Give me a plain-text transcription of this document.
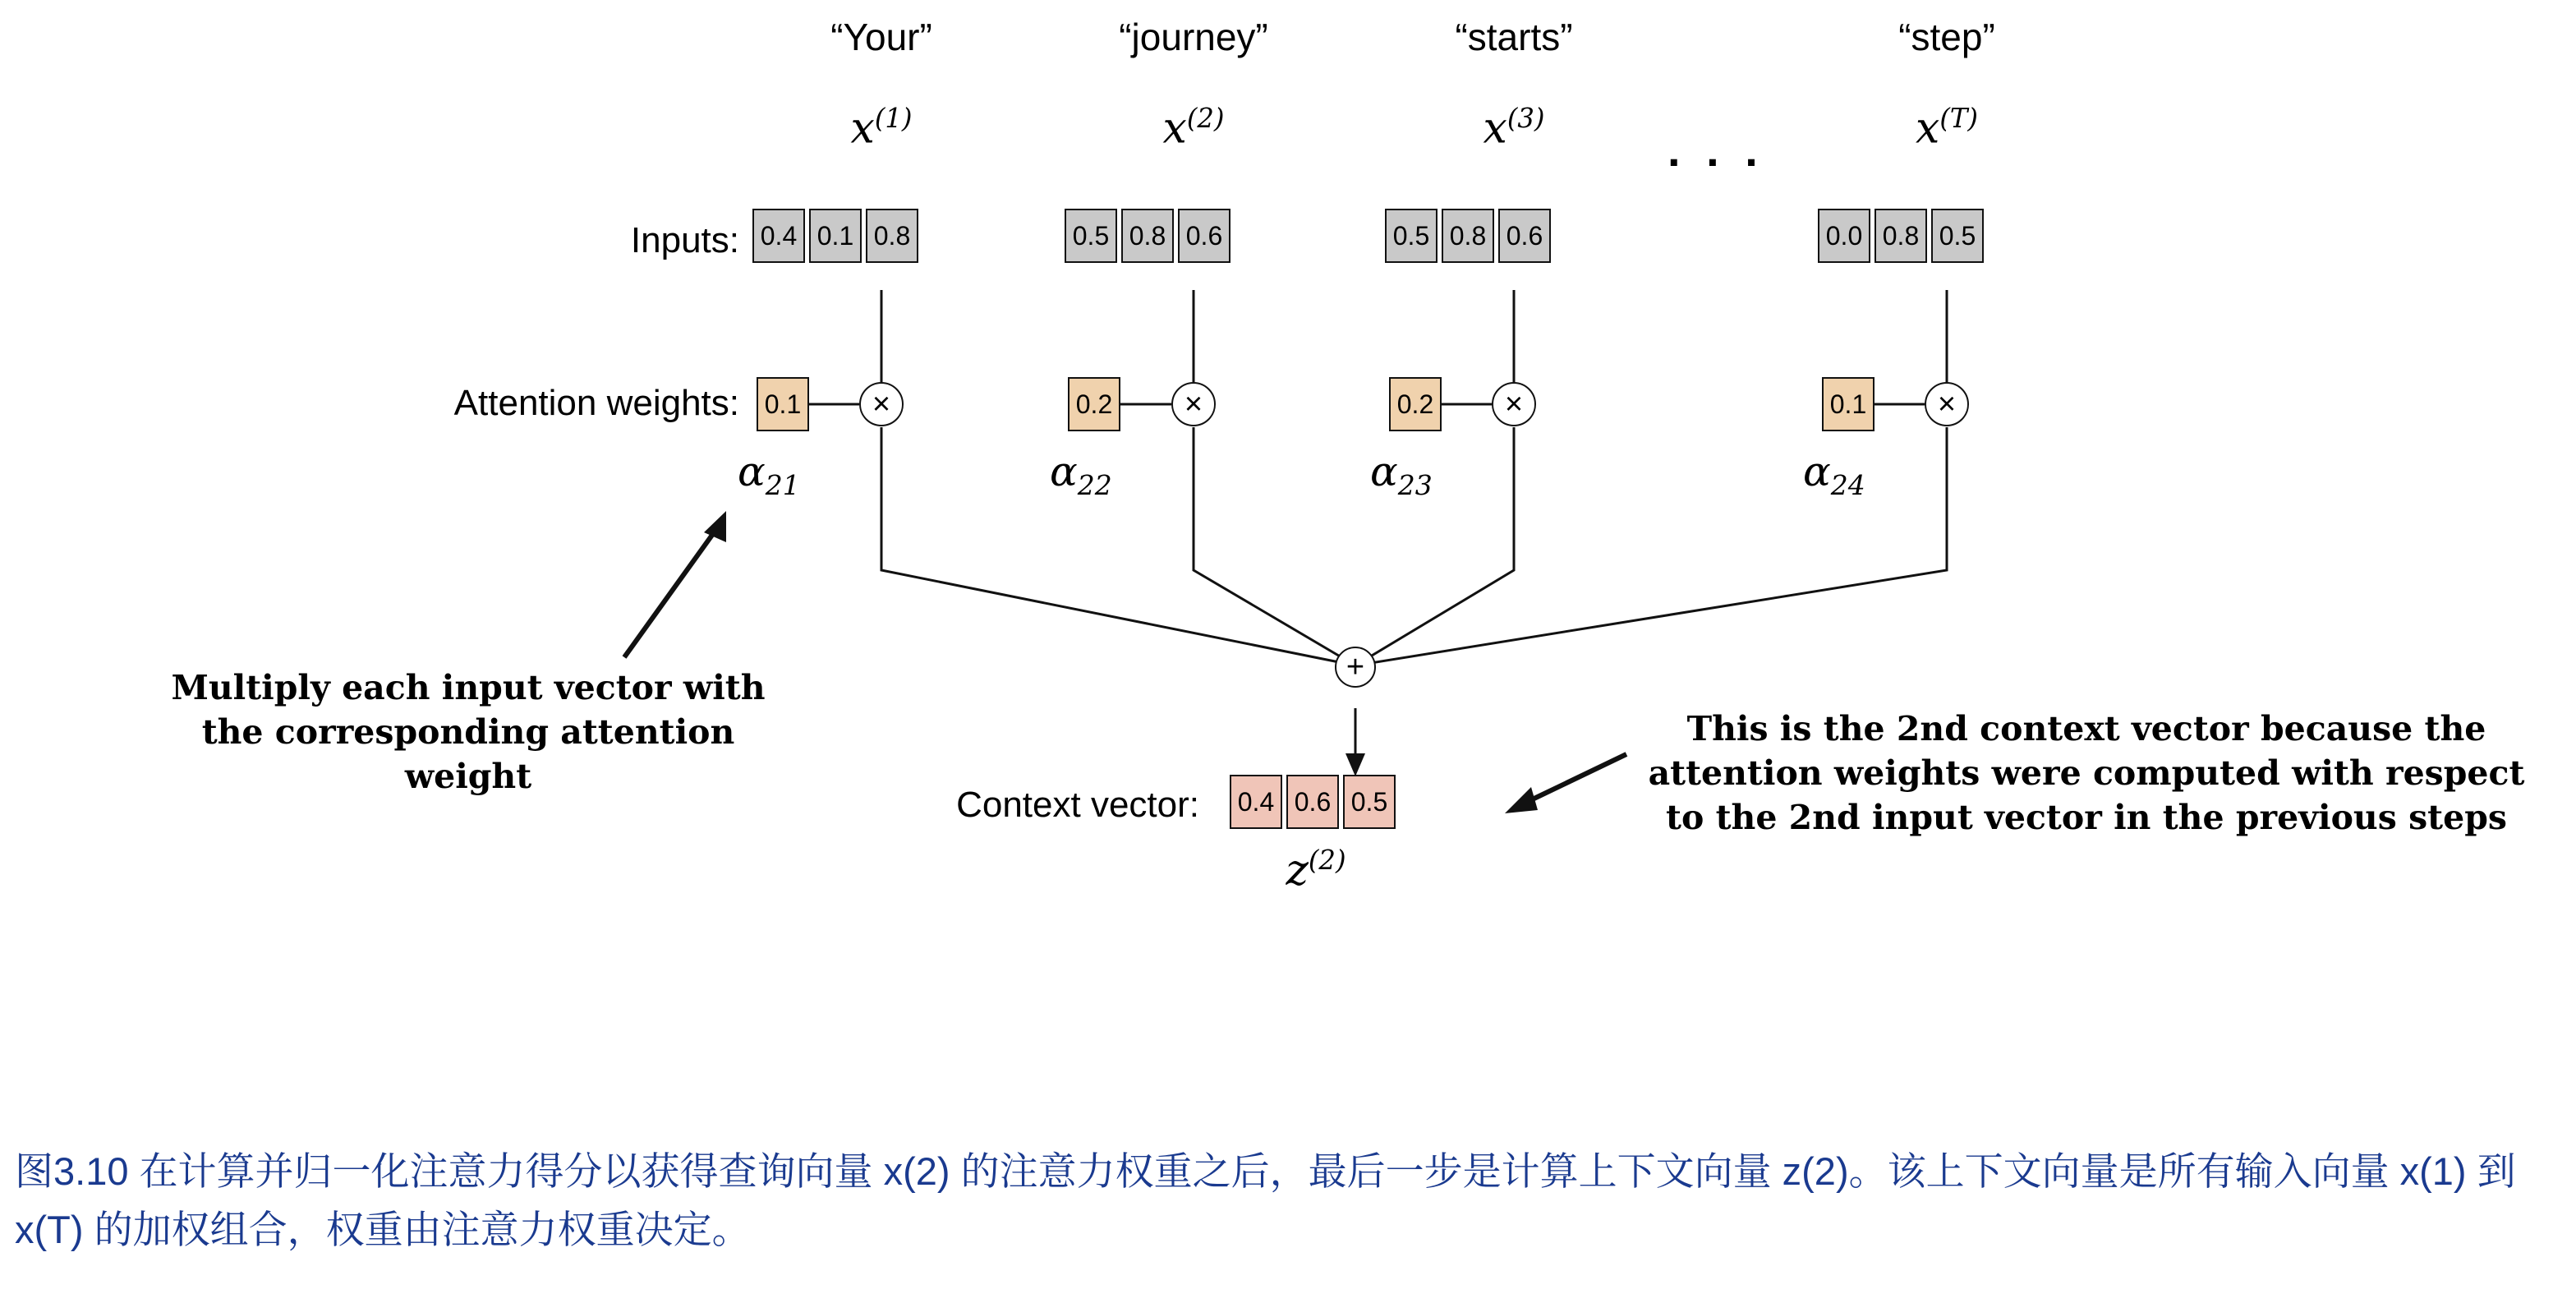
“Your”	“journey”	“starts”	“step”
$x^{(1)}$	$x^{(2)}$	$x^{(3)}$	$x^{(T)}$
. . .
Inputs: 0.4 0.1 0.8	0.5 0.8 0.6	0.5 0.8 0.6	0.0 0.8 0.5
Attention weights: 0.1	0.2	0.2	0.1
×	×	×	×
$\alpha_{21}$	$\alpha_{22}$	$\alpha_{23}$	$\alpha_{24}$
+
Context vector:	0.4 0.6 0.5
$z^{(2)}$
Multiply each input vector with the corresponding attention weight
This is the 2nd context vector because the attention weights were computed with respect to the 2nd input vector in the previous steps
图3.10 在计算并归一化注意力得分以获得查询向量 x(2) 的注意力权重之后，最后一步是计算上下文向量 z(2)。该上下文向量是所有输入向量 x(1) 到 x(T) 的加权组合，权重由注意力权重决定。
